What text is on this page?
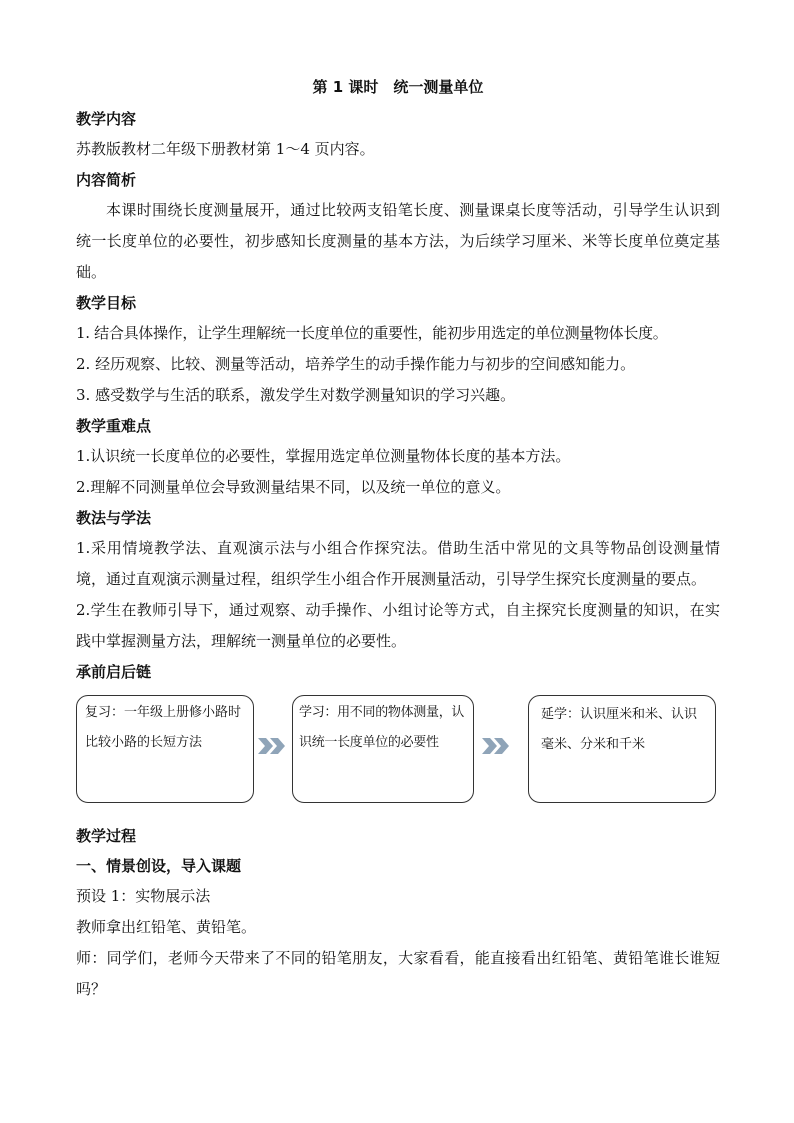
第 1 课时　统一测量单位
教学内容
苏教版教材二年级下册教材第 1～4 页内容。
内容简析
本课时围绕长度测量展开，通过比较两支铅笔长度、测量课桌长度等活动，引导学生认识到统一长度单位的必要性，初步感知长度测量的基本方法，为后续学习厘米、米等长度单位奠定基础。
教学目标
1. 结合具体操作，让学生理解统一长度单位的重要性，能初步用选定的单位测量物体长度。
2. 经历观察、比较、测量等活动，培养学生的动手操作能力与初步的空间感知能力。
3. 感受数学与生活的联系，激发学生对数学测量知识的学习兴趣。
教学重难点
1.认识统一长度单位的必要性，掌握用选定单位测量物体长度的基本方法。
2.理解不同测量单位会导致测量结果不同，以及统一单位的意义。
教法与学法
1.采用情境教学法、直观演示法与小组合作探究法。借助生活中常见的文具等物品创设测量情境，通过直观演示测量过程，组织学生小组合作开展测量活动，引导学生探究长度测量的要点。
2.学生在教师引导下，通过观察、动手操作、小组讨论等方式，自主探究长度测量的知识，在实践中掌握测量方法，理解统一测量单位的必要性。
承前启后链
复习：一年级上册修小路时比较小路的长短方法
学习：用不同的物体测量，认识统一长度单位的必要性
延学：认识厘米和米、认识毫米、分米和千米
教学过程
一、情景创设，导入课题
预设 1：实物展示法
教师拿出红铅笔、黄铅笔。
师：同学们，老师今天带来了不同的铅笔朋友，大家看看，能直接看出红铅笔、黄铅笔谁长谁短吗？
